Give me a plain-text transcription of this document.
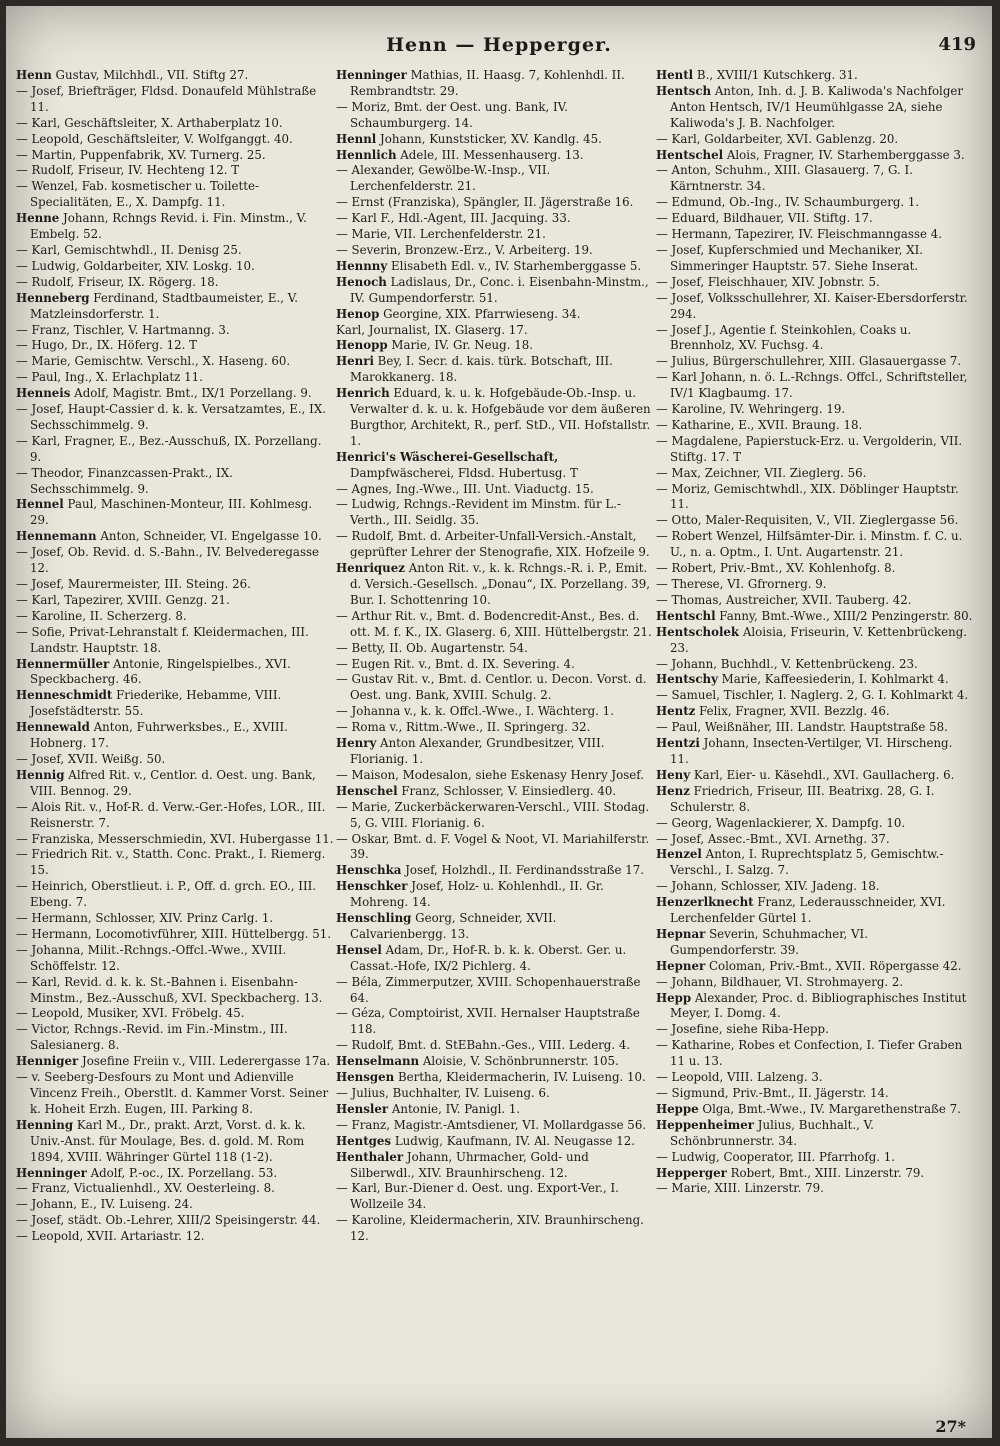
Henn — Hepperger.	419

Henn Gustav, Milchhdl., VII. Stiftg 27.

— Josef, Briefträger, Fldsd. Donaufeld Mühlstraße 11.

— Karl, Geschäftsleiter, X. Arthaberplatz 10.

— Leopold, Geschäftsleiter, V. Wolfganggt. 40.

— Martin, Puppenfabrik, XV. Turnerg. 25.

— Rudolf, Friseur, IV. Hechteng 12. T

— Wenzel, Fab. kosmetischer u. Toilette-Specialitäten, E., X. Dampfg. 11.

Henne Johann, Rchngs Revid. i. Fin. Minstm., V. Embelg. 52.

— Karl, Gemischtwhdl., II. Denisg 25.

— Ludwig, Goldarbeiter, XIV. Loskg. 10.

— Rudolf, Friseur, IX. Rögerg. 18.

Henneberg Ferdinand, Stadtbaumeister, E., V. Matzleinsdorferstr. 1.

— Franz, Tischler, V. Hartmanng. 3.

— Hugo, Dr., IX. Höferg. 12. T

— Marie, Gemischtw. Verschl., X. Haseng. 60.

— Paul, Ing., X. Erlachplatz 11.

Henneis Adolf, Magistr. Bmt., IX/1 Porzellang. 9.

— Josef, Haupt-Cassier d. k. k. Versatzamtes, E., IX. Sechsschimmelg. 9.

— Karl, Fragner, E., Bez.-Ausschuß, IX. Porzellang. 9.

— Theodor, Finanzcassen-Prakt., IX. Sechsschimmelg. 9.

Hennel Paul, Maschinen-Monteur, III. Kohlmesg. 29.

Hennemann Anton, Schneider, VI. Engelgasse 10.

— Josef, Ob. Revid. d. S.-Bahn., IV. Belvederegasse 12.

— Josef, Maurermeister, III. Steing. 26.

— Karl, Tapezirer, XVIII. Genzg. 21.

— Karoline, II. Scherzerg. 8.

— Sofie, Privat-Lehranstalt f. Kleidermachen, III. Landstr. Hauptstr. 18.

Hennermüller Antonie, Ringelspielbes., XVI. Speckbacherg. 46.

Henneschmidt Friederike, Hebamme, VIII. Josefstädterstr. 55.

Hennewald Anton, Fuhrwerksbes., E., XVIII. Hobnerg. 17.

— Josef, XVII. Weißg. 50.

Hennig Alfred Rit. v., Centlor. d. Oest. ung. Bank, VIII. Bennog. 29.

— Alois Rit. v., Hof-R. d. Verw.-Ger.-Hofes, LOR., III. Reisnerstr. 7.

— Franziska, Messerschmiedin, XVI. Hubergasse 11.

— Friedrich Rit. v., Statth. Conc. Prakt., I. Riemerg. 15.

— Heinrich, Oberstlieut. i. P., Off. d. grch. EO., III. Ebeng. 7.

— Hermann, Schlosser, XIV. Prinz Carlg. 1.

— Hermann, Locomotivführer, XIII. Hüttelbergg. 51.

— Johanna, Milit.-Rchngs.-Offcl.-Wwe., XVIII. Schöffelstr. 12.

— Karl, Revid. d. k. k. St.-Bahnen i. Eisenbahn-Minstm., Bez.-Ausschuß, XVI. Speckbacherg. 13.

— Leopold, Musiker, XVI. Fröbelg. 45.

— Victor, Rchngs.-Revid. im Fin.-Minstm., III. Salesianerg. 8.

Henniger Josefine Freiin v., VIII. Lederergasse 17a.

— v. Seeberg-Desfours zu Mont und Adienville Vincenz Freih., Oberstlt. d. Kammer Vorst. Seiner k. Hoheit Erzh. Eugen, III. Parking 8.

Henning Karl M., Dr., prakt. Arzt, Vorst. d. k. k. Univ.-Anst. für Moulage, Bes. d. gold. M. Rom 1894, XVIII. Währinger Gürtel 118 (1-2).

Henninger Adolf, P.-oc., IX. Porzellang. 53.

— Franz, Victualienhdl., XV. Oesterleing. 8.

— Johann, E., IV. Luiseng. 24.

— Josef, städt. Ob.-Lehrer, XIII/2 Speisingerstr. 44.

— Leopold, XVII. Artariastr. 12.

Henninger Mathias, II. Haasg. 7, Kohlenhdl. II. Rembrandtstr. 29.

— Moriz, Bmt. der Oest. ung. Bank, IV. Schaumburgerg. 14.

Hennl Johann, Kunststicker, XV. Kandlg. 45.

Hennlich Adele, III. Messenhauserg. 13.

— Alexander, Gewölbe-W.-Insp., VII. Lerchenfelderstr. 21.

— Ernst (Franziska), Spängler, II. Jägerstraße 16.

— Karl F., Hdl.-Agent, III. Jacquing. 33.

— Marie, VII. Lerchenfelderstr. 21.

— Severin, Bronzew.-Erz., V. Arbeiterg. 19.

Hennny Elisabeth Edl. v., IV. Starhemberggasse 5.

Henoch Ladislaus, Dr., Conc. i. Eisenbahn-Minstm., IV. Gumpendorferstr. 51.

Henop Georgine, XIX. Pfarrwieseng. 34.

Karl, Journalist, IX. Glaserg. 17.

Henopp Marie, IV. Gr. Neug. 18.

Henri Bey, I. Secr. d. kais. türk. Botschaft, III. Marokkanerg. 18.

Henrich Eduard, k. u. k. Hofgebäude-Ob.-Insp. u. Verwalter d. k. u. k. Hofgebäude vor dem äußeren Burgthor, Architekt, R., perf. StD., VII. Hofstallstr. 1.

Henrici's Wäscherei-Gesellschaft, Dampfwäscherei, Fldsd. Hubertusg. T

— Agnes, Ing.-Wwe., III. Unt. Viaductg. 15.

— Ludwig, Rchngs.-Revident im Minstm. für L.-Verth., III. Seidlg. 35.

— Rudolf, Bmt. d. Arbeiter-Unfall-Versich.-Anstalt, geprüfter Lehrer der Stenografie, XIX. Hofzeile 9.

Henriquez Anton Rit. v., k. k. Rchngs.-R. i. P., Emit. d. Versich.-Gesellsch. „Donau“, IX. Porzellang. 39, Bur. I. Schottenring 10.

— Arthur Rit. v., Bmt. d. Bodencredit-Anst., Bes. d. ott. M. f. K., IX. Glaserg. 6, XIII. Hüttelbergstr. 21.

— Betty, II. Ob. Augartenstr. 54.

— Eugen Rit. v., Bmt. d. IX. Severing. 4.

— Gustav Rit. v., Bmt. d. Centlor. u. Decon. Vorst. d. Oest. ung. Bank, XVIII. Schulg. 2.

— Johanna v., k. k. Offcl.-Wwe., I. Wächterg. 1.

— Roma v., Rittm.-Wwe., II. Springerg. 32.

Henry Anton Alexander, Grundbesitzer, VIII. Florianig. 1.

— Maison, Modesalon, siehe Eskenasy Henry Josef.

Henschel Franz, Schlosser, V. Einsiedlerg. 40.

— Marie, Zuckerbäckerwaren-Verschl., VIII. Stodag. 5, G. VIII. Florianig. 6.

— Oskar, Bmt. d. F. Vogel & Noot, VI. Mariahilferstr. 39.

Henschka Josef, Holzhdl., II. Ferdinandsstraße 17.

Henschker Josef, Holz- u. Kohlenhdl., II. Gr. Mohreng. 14.

Henschling Georg, Schneider, XVII. Calvarienbergg. 13.

Hensel Adam, Dr., Hof-R. b. k. k. Oberst. Ger. u. Cassat.-Hofe, IX/2 Pichlerg. 4.

— Béla, Zimmerputzer, XVIII. Schopenhauerstraße 64.

— Géza, Comptoirist, XVII. Hernalser Hauptstraße 118.

— Rudolf, Bmt. d. StEBahn.-Ges., VIII. Lederg. 4.

Henselmann Aloisie, V. Schönbrunnerstr. 105.

Hensgen Bertha, Kleidermacherin, IV. Luiseng. 10.

— Julius, Buchhalter, IV. Luiseng. 6.

Hensler Antonie, IV. Panigl. 1.

— Franz, Magistr.-Amtsdiener, VI. Mollardgasse 56.

Hentges Ludwig, Kaufmann, IV. Al. Neugasse 12.

Henthaler Johann, Uhrmacher, Gold- und Silberwdl., XIV. Braunhirscheng. 12.

— Karl, Bur.-Diener d. Oest. ung. Export-Ver., I. Wollzeile 34.

— Karoline, Kleidermacherin, XIV. Braunhirscheng. 12.

Hentl B., XVIII/1 Kutschkerg. 31.

Hentsch Anton, Inh. d. J. B. Kaliwoda's Nachfolger Anton Hentsch, IV/1 Heumühlgasse 2A, siehe Kaliwoda's J. B. Nachfolger.

— Karl, Goldarbeiter, XVI. Gablenzg. 20.

Hentschel Alois, Fragner, IV. Starhemberggasse 3.

— Anton, Schuhm., XIII. Glasauerg. 7, G. I. Kärntnerstr. 34.

— Edmund, Ob.-Ing., IV. Schaumburgerg. 1.

— Eduard, Bildhauer, VII. Stiftg. 17.

— Hermann, Tapezirer, IV. Fleischmanngasse 4.

— Josef, Kupferschmied und Mechaniker, XI. Simmeringer Hauptstr. 57. Siehe Inserat.

— Josef, Fleischhauer, XIV. Jobnstr. 5.

— Josef, Volksschullehrer, XI. Kaiser-Ebersdorferstr. 294.

— Josef J., Agentie f. Steinkohlen, Coaks u. Brennholz, XV. Fuchsg. 4.

— Julius, Bürgerschullehrer, XIII. Glasauergasse 7.

— Karl Johann, n. ö. L.-Rchngs. Offcl., Schriftsteller, IV/1 Klagbaumg. 17.

— Karoline, IV. Wehringerg. 19.

— Katharine, E., XVII. Braung. 18.

— Magdalene, Papierstuck-Erz. u. Vergolderin, VII. Stiftg. 17. T

— Max, Zeichner, VII. Zieglerg. 56.

— Moriz, Gemischtwhdl., XIX. Döblinger Hauptstr. 11.

— Otto, Maler-Requisiten, V., VII. Zieglergasse 56.

— Robert Wenzel, Hilfsämter-Dir. i. Minstm. f. C. u. U., n. a. Optm., I. Unt. Augartenstr. 21.

— Robert, Priv.-Bmt., XV. Kohlenhofg. 8.

— Therese, VI. Gfrornerg. 9.

— Thomas, Austreicher, XVII. Tauberg. 42.

Hentschl Fanny, Bmt.-Wwe., XIII/2 Penzingerstr. 80.

Hentscholek Aloisia, Friseurin, V. Kettenbrückeng. 23.

— Johann, Buchhdl., V. Kettenbrückeng. 23.

Hentschy Marie, Kaffeesiederin, I. Kohlmarkt 4.

— Samuel, Tischler, I. Naglerg. 2, G. I. Kohlmarkt 4.

Hentz Felix, Fragner, XVII. Bezzlg. 46.

— Paul, Weißnäher, III. Landstr. Hauptstraße 58.

Hentzi Johann, Insecten-Vertilger, VI. Hirscheng. 11.

Heny Karl, Eier- u. Käsehdl., XVI. Gaullacherg. 6.

Henz Friedrich, Friseur, III. Beatrixg. 28, G. I. Schulerstr. 8.

— Georg, Wagenlackierer, X. Dampfg. 10.

— Josef, Assec.-Bmt., XVI. Arnethg. 37.

Henzel Anton, I. Ruprechtsplatz 5, Gemischtw.-Verschl., I. Salzg. 7.

— Johann, Schlosser, XIV. Jadeng. 18.

Henzerlknecht Franz, Lederausschneider, XVI. Lerchenfelder Gürtel 1.

Hepnar Severin, Schuhmacher, VI. Gumpendorferstr. 39.

Hepner Coloman, Priv.-Bmt., XVII. Röpergasse 42.

— Johann, Bildhauer, VI. Strohmayerg. 2.

Hepp Alexander, Proc. d. Bibliographisches Institut Meyer, I. Domg. 4.

— Josefine, siehe Riba-Hepp.

— Katharine, Robes et Confection, I. Tiefer Graben 11 u. 13.

— Leopold, VIII. Lalzeng. 3.

— Sigmund, Priv.-Bmt., II. Jägerstr. 14.

Heppe Olga, Bmt.-Wwe., IV. Margarethenstraße 7.

Heppenheimer Julius, Buchhalt., V. Schönbrunnerstr. 34.

— Ludwig, Cooperator, III. Pfarrhofg. 1.

Hepperger Robert, Bmt., XIII. Linzerstr. 79.

— Marie, XIII. Linzerstr. 79.

27*
